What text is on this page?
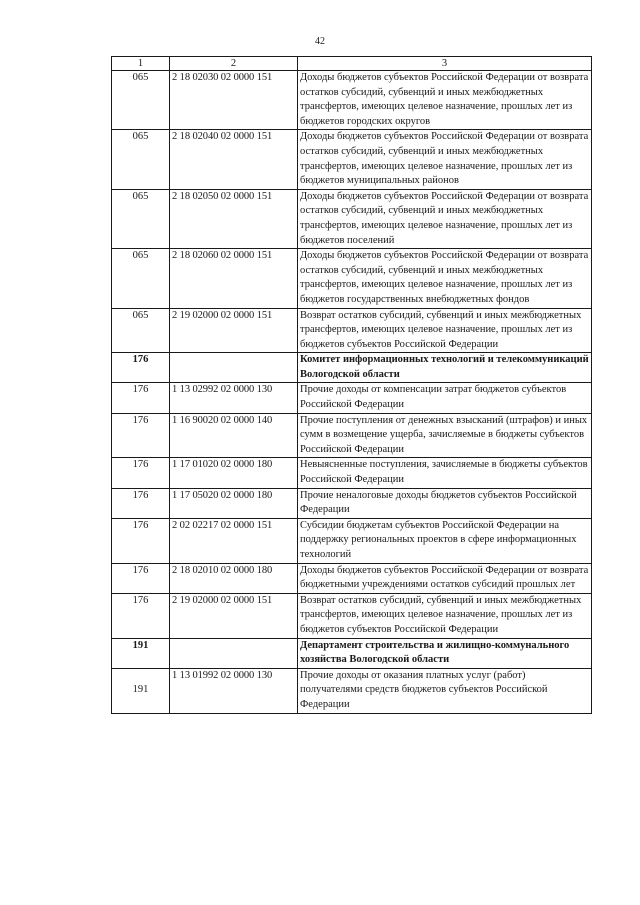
42
1	2	3
065	2 18 02030 02 0000 151	Доходы бюджетов субъектов Российской Федерации от возврата остатков субсидий, субвенций и иных межбюджетных трансфертов, имеющих целевое назначение, прошлых лет из бюджетов городских округов
065	2 18 02040 02 0000 151	Доходы бюджетов субъектов Российской Федерации от возврата остатков субсидий, субвенций и иных межбюджетных трансфертов, имеющих целевое назначение, прошлых лет из бюджетов муниципальных районов
065	2 18 02050 02 0000 151	Доходы бюджетов субъектов Российской Федерации от возврата остатков субсидий, субвенций и иных межбюджетных трансфертов, имеющих целевое назначение, прошлых лет из бюджетов поселений
065	2 18 02060 02 0000 151	Доходы бюджетов субъектов Российской Федерации от возврата остатков субсидий, субвенций и иных межбюджетных трансфертов, имеющих целевое назначение, прошлых лет из бюджетов государственных внебюджетных фондов
065	2 19 02000 02 0000 151	Возврат остатков субсидий, субвенций и иных межбюджетных трансфертов, имеющих целевое назначение, прошлых лет из бюджетов субъектов Российской Федерации
176		Комитет информационных технологий и телекоммуникаций Вологодской области
176	1 13 02992 02 0000 130	Прочие доходы от компенсации затрат бюджетов субъектов Российской Федерации
176	1 16 90020 02 0000 140	Прочие поступления от денежных взысканий (штрафов) и иных сумм в возмещение ущерба, зачисляемые в бюджеты субъектов Российской Федерации
176	1 17 01020 02 0000 180	Невыясненные поступления, зачисляемые в бюджеты субъектов Российской Федерации
176	1 17 05020 02 0000 180	Прочие неналоговые доходы бюджетов субъектов Российской Федерации
176	2 02 02217 02 0000 151	Субсидии бюджетам субъектов Российской Федерации на поддержку региональных проектов в сфере информационных технологий
176	2 18 02010 02 0000 180	Доходы бюджетов субъектов Российской Федерации от возврата бюджетными учреждениями остатков субсидий прошлых лет
176	2 19 02000 02 0000 151	Возврат остатков субсидий, субвенций и иных межбюджетных трансфертов, имеющих целевое назначение, прошлых лет из бюджетов субъектов Российской Федерации
191		Департамент строительства и жилищно-коммунального хозяйства Вологодской области
191	1 13 01992 02 0000 130	Прочие доходы от оказания платных услуг (работ) получателями средств бюджетов субъектов Российской Федерации
